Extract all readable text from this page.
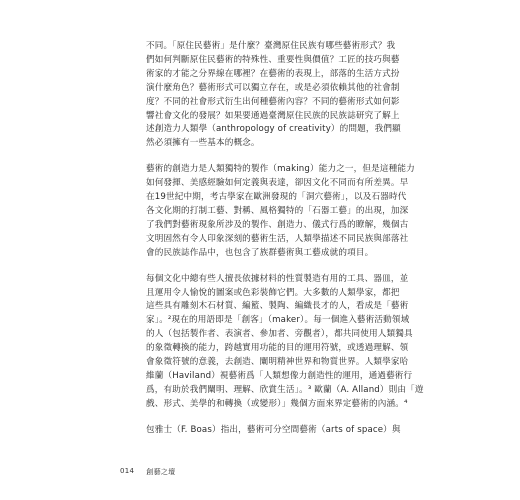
不同。「原住民藝術」是什麼？臺灣原住民族有哪些藝術形式？我
們如何判斷原住民藝術的特殊性、重要性與價值？工匠的技巧與藝
術家的才能之分界線在哪裡？在藝術的表現上，部落的生活方式扮
演什麼角色？藝術形式可以獨立存在，或是必須依賴其他的社會制
度？不同的社會形式衍生出何種藝術內容？不同的藝術形式如何影
響社會文化的發展？如果要通過臺灣原住民族的民族誌研究了解上
述創造力人類學（anthropology of creativity）的問題，我們顯
然必須擁有一些基本的概念。

藝術的創造力是人類獨特的製作（making）能力之一，但是這種能力
如何發揮、美感經驗如何定義與表達，卻因文化不同而有所差異。早
在19世紀中期，考古學家在歐洲發現的「洞穴藝術」，以及石器時代
各文化期的打制工藝、對稱、風格獨特的「石器工藝」的出現，加深
了我們對藝術現象所涉及的製作、創造力、儀式行爲的瞭解，幾個古
文明固然有令人印象深刻的藝術生活，人類學描述不同民族與部落社
會的民族誌作品中，也包含了族群藝術與工藝成就的項目。

每個文化中總有些人擅長依據材料的性質製造有用的工具、器皿，並
且運用令人愉悅的圖案或色彩裝飾它們。大多數的人類學家，都把
這些具有雕刻木石材質、編籃、製陶、編織長才的人，看成是「藝術
家」。²現在的用語即是「創客」（maker）。每一個進入藝術活動領域
的人（包括製作者、表演者、參加者、旁觀者），都共同使用人類獨具
的象徵轉換的能力，跨越實用功能的目的運用符號，或透過理解、領
會象徵符號的意義，去創造、闡明精神世界和物質世界。人類學家哈
維蘭（Haviland）視藝術爲「人類想像力創造性的運用，通過藝術行
爲，有助於我們闡明、理解、欣賞生活」。³ 歐蘭（A. Alland）則由「遊
戲、形式、美學的和轉換（或變形）」幾個方面來界定藝術的內涵。⁴

包雅士（F. Boas）指出，藝術可分空間藝術（arts of space）與

014 創藝之壇
